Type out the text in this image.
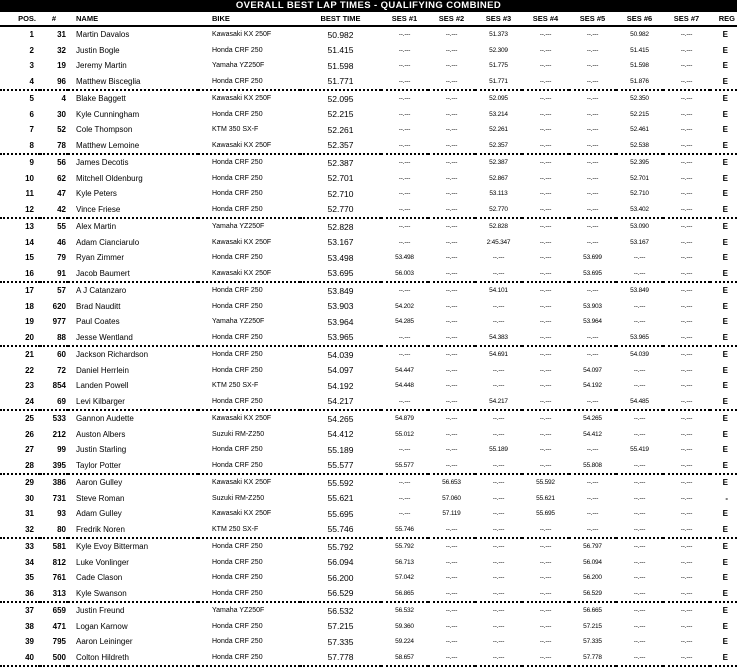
OVERALL BEST LAP TIMES - QUALIFYING COMBINED
POS.	#	NAME	BIKE	BEST TIME	SES #1	SES #2	SES #3	SES #4	SES #5	SES #6	SES #7	REG
1	31	Martin Davalos	Kawasaki KX 250F	50.982	--.---	--.---	51.373	--.---	--.---	50.982	--.---	E
2	32	Justin Bogle	Honda CRF 250	51.415	--.---	--.---	52.309	--.---	--.---	51.415	--.---	E
3	19	Jeremy Martin	Yamaha YZ250F	51.598	--.---	--.---	51.775	--.---	--.---	51.598	--.---	E
4	96	Matthew Bisceglia	Honda CRF 250	51.771	--.---	--.---	51.771	--.---	--.---	51.876	--.---	E
5	4	Blake Baggett	Kawasaki KX 250F	52.095	--.---	--.---	52.095	--.---	--.---	52.350	--.---	E
6	30	Kyle Cunningham	Honda CRF 250	52.215	--.---	--.---	53.214	--.---	--.---	52.215	--.---	E
7	52	Cole Thompson	KTM 350 SX-F	52.261	--.---	--.---	52.261	--.---	--.---	52.461	--.---	E
8	78	Matthew Lemoine	Kawasaki KX 250F	52.357	--.---	--.---	52.357	--.---	--.---	52.538	--.---	E
9	56	James Decotis	Honda CRF 250	52.387	--.---	--.---	52.387	--.---	--.---	52.395	--.---	E
10	62	Mitchell Oldenburg	Honda CRF 250	52.701	--.---	--.---	52.867	--.---	--.---	52.701	--.---	E
11	47	Kyle Peters	Honda CRF 250	52.710	--.---	--.---	53.113	--.---	--.---	52.710	--.---	E
12	42	Vince Friese	Honda CRF 250	52.770	--.---	--.---	52.770	--.---	--.---	53.402	--.---	E
13	55	Alex Martin	Yamaha YZ250F	52.828	--.---	--.---	52.828	--.---	--.---	53.090	--.---	E
14	46	Adam Cianciarulo	Kawasaki KX 250F	53.167	--.---	--.---	2:45.347	--.---	--.---	53.167	--.---	E
15	79	Ryan Zimmer	Honda CRF 250	53.498	53.498	--.---	--.---	--.---	53.699	--.---	--.---	E
16	91	Jacob Baumert	Kawasaki KX 250F	53.695	56.003	--.---	--.---	--.---	53.695	--.---	--.---	E
17	57	A J Catanzaro	Honda CRF 250	53.849	--.---	--.---	54.101	--.---	--.---	53.849	--.---	E
18	620	Brad Nauditt	Honda CRF 250	53.903	54.202	--.---	--.---	--.---	53.903	--.---	--.---	E
19	977	Paul Coates	Yamaha YZ250F	53.964	54.285	--.---	--.---	--.---	53.964	--.---	--.---	E
20	88	Jesse Wentland	Honda CRF 250	53.965	--.---	--.---	54.383	--.---	--.---	53.965	--.---	E
21	60	Jackson Richardson	Honda CRF 250	54.039	--.---	--.---	54.691	--.---	--.---	54.039	--.---	E
22	72	Daniel Herrlein	Honda CRF 250	54.097	54.447	--.---	--.---	--.---	54.097	--.---	--.---	E
23	854	Landen Powell	KTM 250 SX-F	54.192	54.448	--.---	--.---	--.---	54.192	--.---	--.---	E
24	69	Levi Kilbarger	Honda CRF 250	54.217	--.---	--.---	54.217	--.---	--.---	54.485	--.---	E
25	533	Gannon Audette	Kawasaki KX 250F	54.265	54.879	--.---	--.---	--.---	54.265	--.---	--.---	E
26	212	Auston Albers	Suzuki RM-Z250	54.412	55.012	--.---	--.---	--.---	54.412	--.---	--.---	E
27	99	Justin Starling	Honda CRF 250	55.189	--.---	--.---	55.189	--.---	--.---	55.419	--.---	E
28	395	Taylor Potter	Honda CRF 250	55.577	55.577	--.---	--.---	--.---	55.808	--.---	--.---	E
29	386	Aaron Gulley	Kawasaki KX 250F	55.592	--.---	56.653	--.---	55.592	--.---	--.---	--.---	E
30	731	Steve Roman	Suzuki RM-Z250	55.621	--.---	57.060	--.---	55.621	--.---	--.---	--.---	-
31	93	Adam Gulley	Kawasaki KX 250F	55.695	--.---	57.119	--.---	55.695	--.---	--.---	--.---	E
32	80	Fredrik Noren	KTM 250 SX-F	55.746	55.746	--.---	--.---	--.---	--.---	--.---	--.---	E
33	581	Kyle Evoy Bitterman	Honda CRF 250	55.792	55.792	--.---	--.---	--.---	56.797	--.---	--.---	E
34	812	Luke Vonlinger	Honda CRF 250	56.094	56.713	--.---	--.---	--.---	56.094	--.---	--.---	E
35	761	Cade Clason	Honda CRF 250	56.200	57.042	--.---	--.---	--.---	56.200	--.---	--.---	E
36	313	Kyle Swanson	Honda CRF 250	56.529	56.865	--.---	--.---	--.---	56.529	--.---	--.---	E
37	659	Justin Freund	Yamaha YZ250F	56.532	56.532	--.---	--.---	--.---	56.665	--.---	--.---	E
38	471	Logan Karnow	Honda CRF 250	57.215	59.360	--.---	--.---	--.---	57.215	--.---	--.---	E
39	795	Aaron Leininger	Honda CRF 250	57.335	59.224	--.---	--.---	--.---	57.335	--.---	--.---	E
40	500	Colton Hildreth	Honda CRF 250	57.778	58.657	--.---	--.---	--.---	57.778	--.---	--.---	E
